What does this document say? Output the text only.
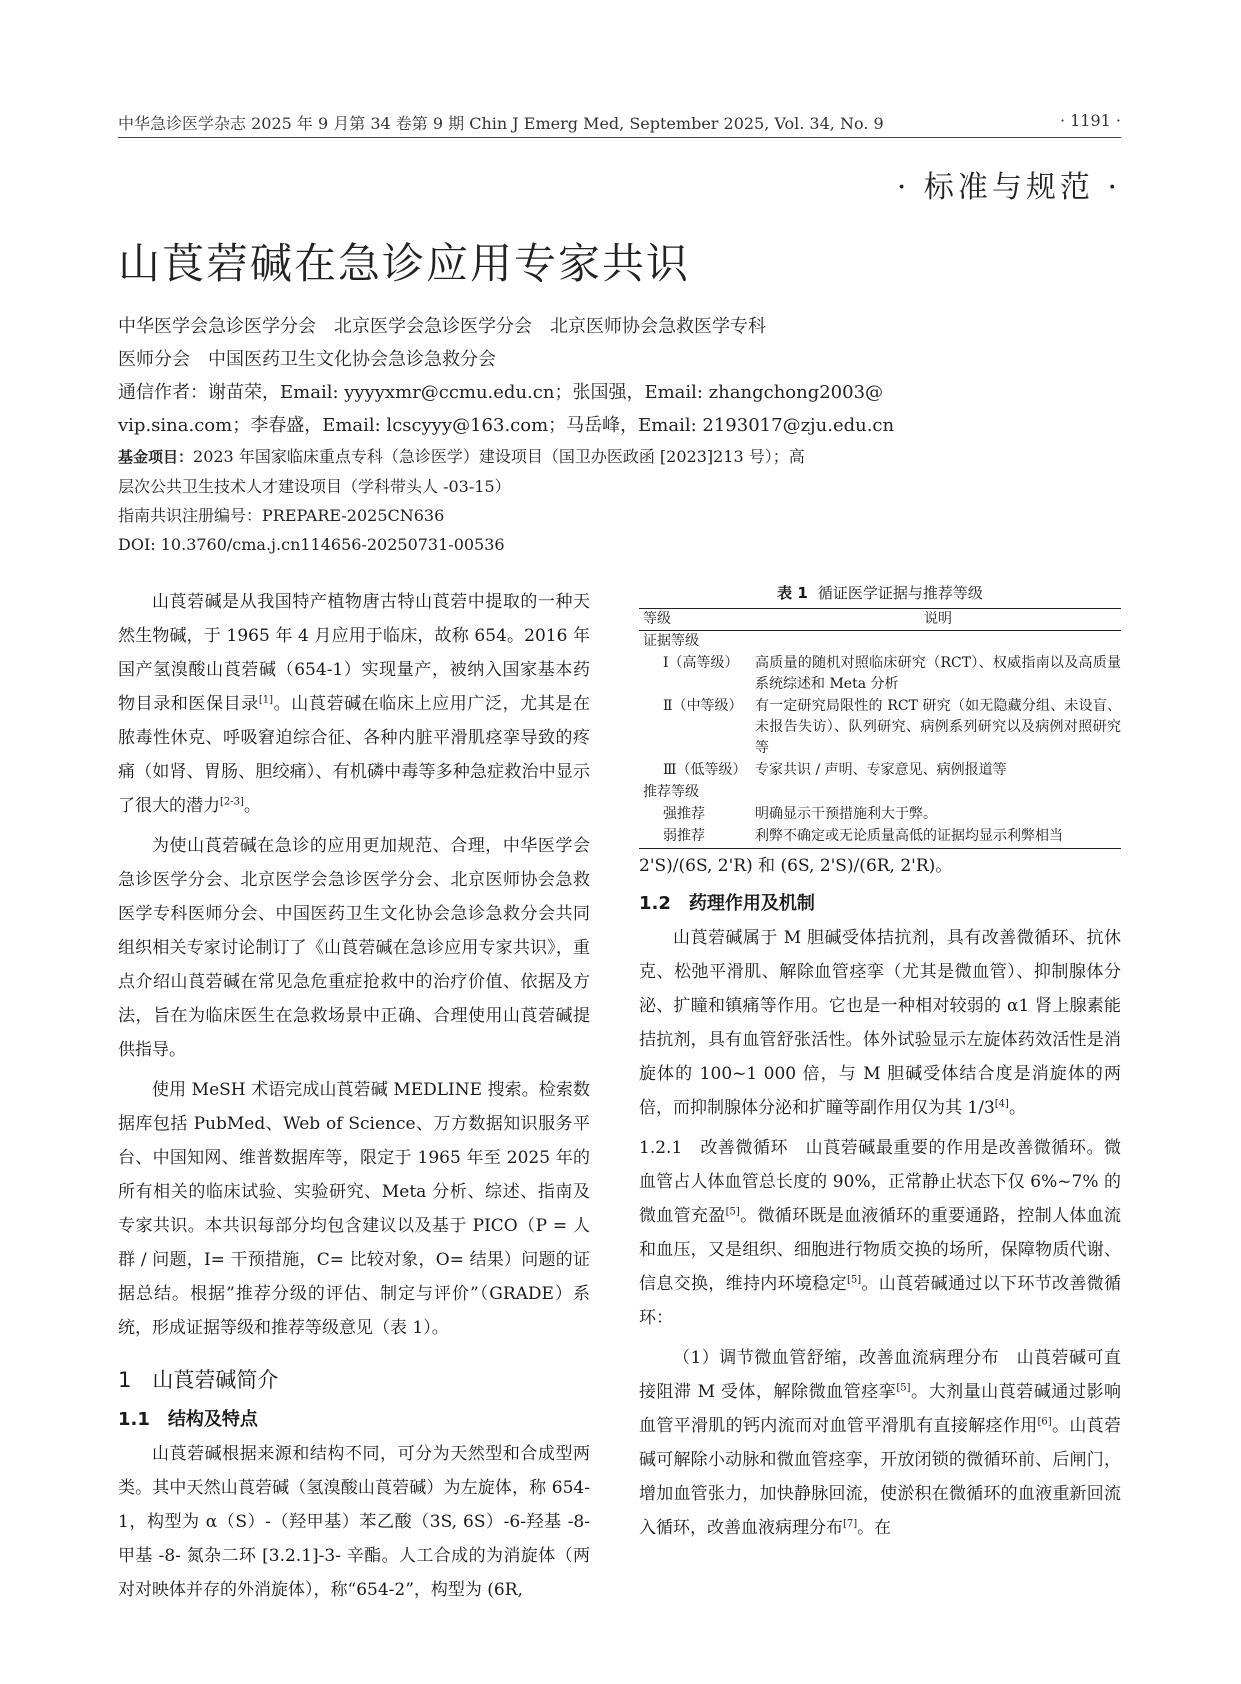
中华急诊医学杂志 2025 年 9 月第 34 卷第 9 期 Chin J Emerg Med, September 2025, Vol. 34, No. 9	· 1191 ·
· 标准与规范 ·
山莨菪碱在急诊应用专家共识

中华医学会急诊医学分会　北京医学会急诊医学分会　北京医师协会急救医学专科

医师分会　中国医药卫生文化协会急诊急救分会

通信作者：谢苗荣，Email: yyyyxmr@ccmu.edu.cn；张国强，Email: zhangchong2003@

vip.sina.com；李春盛，Email: lcscyyy@163.com；马岳峰，Email: 2193017@zju.edu.cn

基金项目：2023 年国家临床重点专科（急诊医学）建设项目（国卫办医政函 [2023]213 号）；高

层次公共卫生技术人才建设项目（学科带头人 -03-15）

指南共识注册编号：PREPARE-2025CN636

DOI: 10.3760/cma.j.cn114656-20250731-00536

山莨菪碱是从我国特产植物唐古特山莨菪中提取的一种天然生物碱，于 1965 年 4 月应用于临床，故称 654。2016 年国产氢溴酸山莨菪碱（654-1）实现量产，被纳入国家基本药物目录和医保目录[1]。山莨菪碱在临床上应用广泛，尤其是在脓毒性休克、呼吸窘迫综合征、各种内脏平滑肌痉挛导致的疼痛（如肾、胃肠、胆绞痛）、有机磷中毒等多种急症救治中显示了很大的潜力[2-3]。

为使山莨菪碱在急诊的应用更加规范、合理，中华医学会急诊医学分会、北京医学会急诊医学分会、北京医师协会急救医学专科医师分会、中国医药卫生文化协会急诊急救分会共同组织相关专家讨论制订了《山莨菪碱在急诊应用专家共识》，重点介绍山莨菪碱在常见急危重症抢救中的治疗价值、依据及方法，旨在为临床医生在急救场景中正确、合理使用山莨菪碱提供指导。

使用 MeSH 术语完成山莨菪碱 MEDLINE 搜索。检索数据库包括 PubMed、Web of Science、万方数据知识服务平台、中国知网、维普数据库等，限定于 1965 年至 2025 年的所有相关的临床试验、实验研究、Meta 分析、综述、指南及专家共识。本共识每部分均包含建议以及基于 PICO（P = 人群 / 问题，I= 干预措施，C= 比较对象，O= 结果）问题的证据总结。根据”推荐分级的评估、制定与评价”（GRADE）系统，形成证据等级和推荐等级意见（表 1）。

1　山莨菪碱简介
1.1　结构及特点

山莨菪碱根据来源和结构不同，可分为天然型和合成型两类。其中天然山莨菪碱（氢溴酸山莨菪碱）为左旋体，称 654-1，构型为 α（S）-（羟甲基）苯乙酸（3S, 6S）-6-羟基 -8- 甲基 -8- 氮杂二环 [3.2.1]-3- 辛酯。人工合成的为消旋体（两对对映体并存的外消旋体），称“654-2”，构型为 (6R,

表 1 循证医学证据与推荐等级
等级	说明
证据等级	
Ⅰ（高等级）	高质量的随机对照临床研究（RCT）、权威指南以及高质量系统综述和 Meta 分析
Ⅱ（中等级）	有一定研究局限性的 RCT 研究（如无隐藏分组、未设盲、未报告失访）、队列研究、病例系列研究以及病例对照研究等
Ⅲ（低等级）	专家共识 / 声明、专家意见、病例报道等
推荐等级	
强推荐	明确显示干预措施利大于弊。
弱推荐	利弊不确定或无论质量高低的证据均显示利弊相当

2'S)/(6S, 2'R) 和 (6S, 2'S)/(6R, 2'R)。

1.2　药理作用及机制

山莨菪碱属于 M 胆碱受体拮抗剂，具有改善微循环、抗休克、松弛平滑肌、解除血管痉挛（尤其是微血管）、抑制腺体分泌、扩瞳和镇痛等作用。它也是一种相对较弱的 α1 肾上腺素能拮抗剂，具有血管舒张活性。体外试验显示左旋体药效活性是消旋体的 100~1 000 倍，与 M 胆碱受体结合度是消旋体的两倍，而抑制腺体分泌和扩瞳等副作用仅为其 1/3[4]。

1.2.1　改善微循环　山莨菪碱最重要的作用是改善微循环。微血管占人体血管总长度的 90%，正常静止状态下仅 6%~7% 的微血管充盈[5]。微循环既是血液循环的重要通路，控制人体血流和血压，又是组织、细胞进行物质交换的场所，保障物质代谢、信息交换，维持内环境稳定[5]。山莨菪碱通过以下环节改善微循环：

（1）调节微血管舒缩，改善血流病理分布　山莨菪碱可直接阻滞 M 受体，解除微血管痉挛[5]。大剂量山莨菪碱通过影响血管平滑肌的钙内流而对血管平滑肌有直接解痉作用[6]。山莨菪碱可解除小动脉和微血管痉挛，开放闭锁的微循环前、后闸门，增加血管张力，加快静脉回流，使淤积在微循环的血液重新回流入循环，改善血液病理分布[7]。在
